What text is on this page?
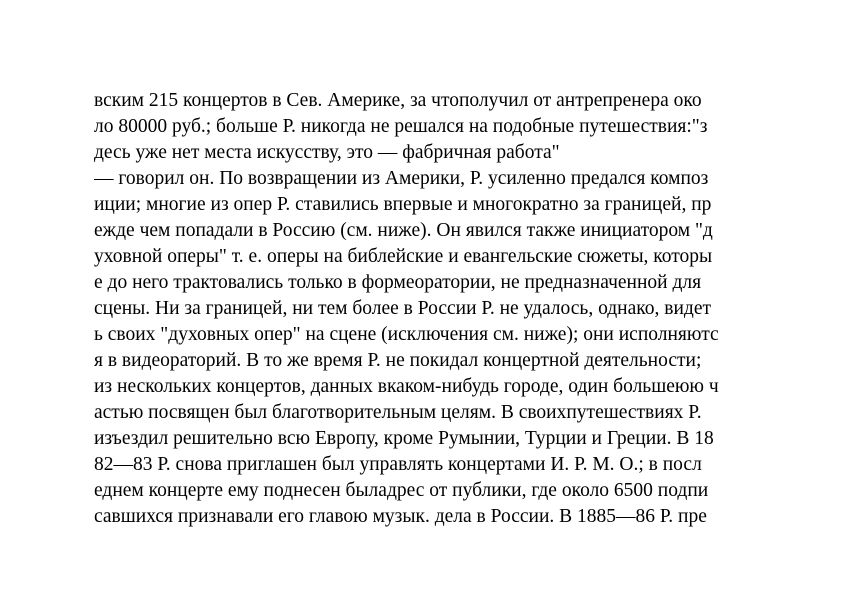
вским 215 концертов в Сев. Америке, за чтополучил от антрепренера око
ло 80000 руб.; больше Р. никогда не решался на подобные путешествия:"з
десь уже нет места искусству, это — фабричная работа"
— говорил он. По возвращении из Америки, Р. усиленно предался композ
иции; многие из опер Р. ставились впервые и многократно за границей, пр
ежде чем попадали в Россию (см. ниже). Он явился также инициатором "д
уховной оперы" т. е. оперы на библейские и евангельские сюжеты, которы
е до него трактовались только в формеоратории, не предназначенной для
сцены. Ни за границей, ни тем более в России Р. не удалось, однако, видет
ь своих "духовных опер" на сцене (исключения см. ниже); они исполняютс
я в видеораторий. В то же время Р. не покидал концертной деятельности;
из нескольких концертов, данных вкаком-нибудь городе, один большеюю ч
астью посвящен был благотворительным целям. В своихпутешествиях Р.
изъездил решительно всю Европу, кроме Румынии, Турции и Греции. В 18
82—83 Р. снова приглашен был управлять концертами И. Р. М. О.; в посл
еднем концерте ему поднесен быладрес от публики, где около 6500 подпи
савшихся признавали его главою музык. дела в России. В 1885—86 Р. пре
